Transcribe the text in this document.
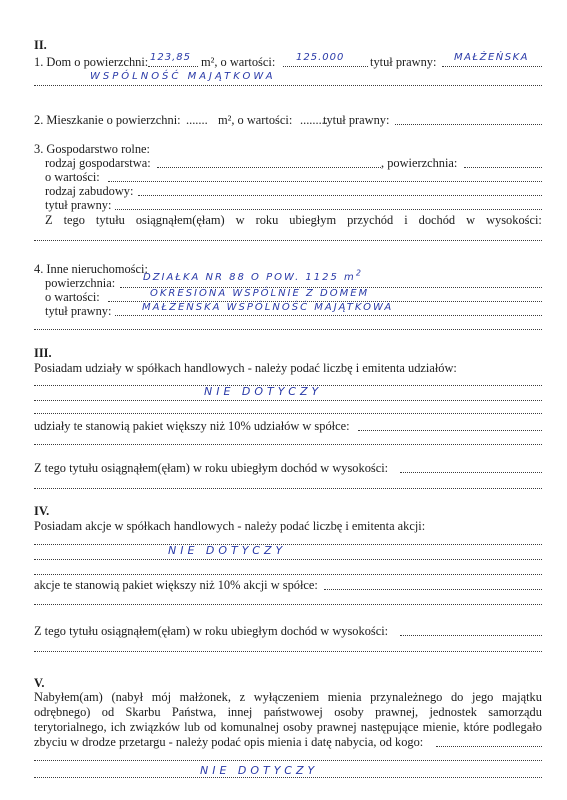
II.
1. Dom o powierzchni: 123,85 m², o wartości: 125.000 tytuł prawny: MAŁŻEŃSKA
WSPÓLNOŚĆ MAJĄTKOWA
2. Mieszkanie o powierzchni: ....... m², o wartości: .........
tytuł prawny:
3. Gospodarstwo rolne:
rodzaj gospodarstwa:	, powierzchnia:
o wartości:
rodzaj zabudowy:
tytuł prawny:
Z tego tytułu osiągnąłem(ęłam) w roku ubiegłym przychód i dochód w wysokości:
4. Inne nieruchomości:
powierzchnia:	DZIAŁKA NR 88 O POW. 1125 $m^2$
o wartości:	OKRESIONA WSPÓLNIE Z DOMEM
tytuł prawny:	MAŁŻEŃSKA WSPÓLNOŚĆ MAJĄTKOWA
III.
Posiadam udziały w spółkach handlowych - należy podać liczbę i emitenta udziałów:
NIE DOTYCZY
udziały te stanowią pakiet większy niż 10% udziałów w spółce:
Z tego tytułu osiągnąłem(ęłam) w roku ubiegłym dochód w wysokości:
IV.
Posiadam akcje w spółkach handlowych - należy podać liczbę i emitenta akcji:
NIE DOTYCZY
akcje te stanowią pakiet większy niż 10% akcji w spółce:
Z tego tytułu osiągnąłem(ęłam) w roku ubiegłym dochód w wysokości:
V.
Nabyłem(am) (nabył mój małżonek, z wyłączeniem mienia przynależnego do jego majątku
odrębnego) od Skarbu Państwa, innej państwowej osoby prawnej, jednostek samorządu
terytorialnego, ich związków lub od komunalnej osoby prawnej następujące mienie, które podlegało
zbyciu w drodze przetargu - należy podać opis mienia i datę nabycia, od kogo:
NIE DOTYCZY
